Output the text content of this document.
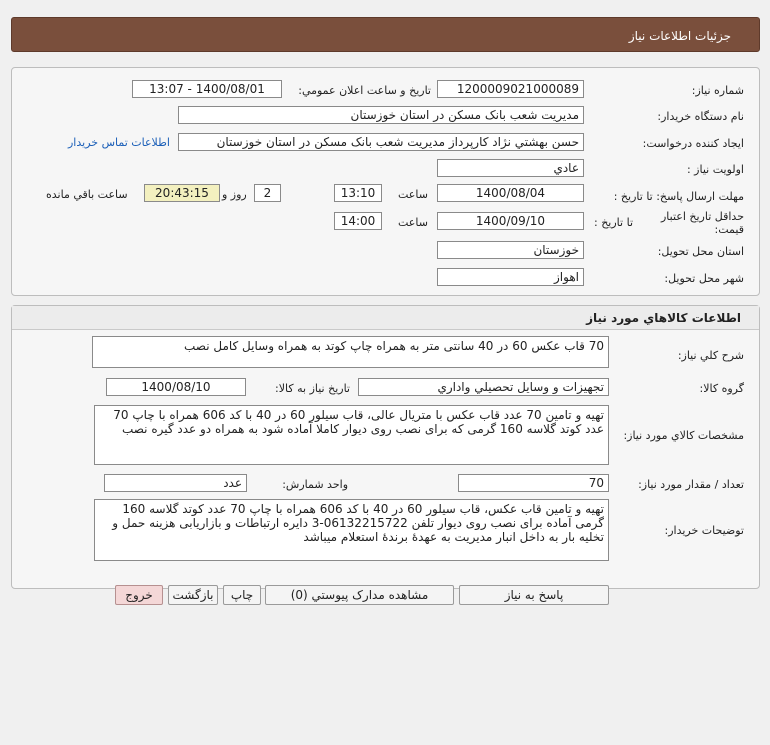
جزئيات اطلاعات نياز
شماره نياز:
1200009021000089
تاريخ و ساعت اعلان عمومي:
1400/08/01 - 13:07
نام دستگاه خريدار:
مديريت شعب بانک مسکن در استان خوزستان
ايجاد کننده درخواست:
حسن بهشتي نژاد کارپرداز مديريت شعب بانک مسکن در استان خوزستان
اطلاعات تماس خريدار
اولويت نياز :
عادي
مهلت ارسال پاسخ: تا تاريخ :
1400/08/04
ساعت
13:10
2
روز و
20:43:15
ساعت باقي مانده
حداقل تاريخ اعتبار
قيمت:
تا تاريخ :
1400/09/10
ساعت
14:00
استان محل تحويل:
خوزستان
شهر محل تحويل:
اهواز
اطلاعات کالاهاي مورد نياز
شرح کلي نياز:
70 قاب عکس 60 در 40 سانتی متر به همراه چاپ کوتد به همراه وسایل کامل نصب
گروه کالا:
تجهيزات و وسايل تحصيلي واداري
تاريخ نياز به کالا:
1400/08/10
مشخصات کالاي مورد نياز:
تهیه و تامین 70 عدد قاب عکس با متریال عالی، قاب سیلور 60 در 40 با کد 606 همراه با چاپ 70 عدد کوتد گلاسه 160 گرمی که برای نصب روی دیوار کاملا آماده شود به همراه دو عدد گیره نصب
تعداد / مقدار مورد نياز:
70
واحد شمارش:
عدد
توضيحات خريدار:
تهیه و تامین قاب عکس، قاب سیلور 60 در 40 با کد 606 همراه با چاپ 70 عدد کوتد گلاسه 160 گرمی آماده برای نصب روی دیوار تلفن 06132215722-3 دایره ارتباطات و بازاریابی هزینه حمل و تخلیه بار به داخل انبار مدیریت به عهدۀ برندۀ استعلام میباشد
پاسخ به نياز
مشاهده مدارک پيوستي (0)
چاپ
بازگشت
خروج
